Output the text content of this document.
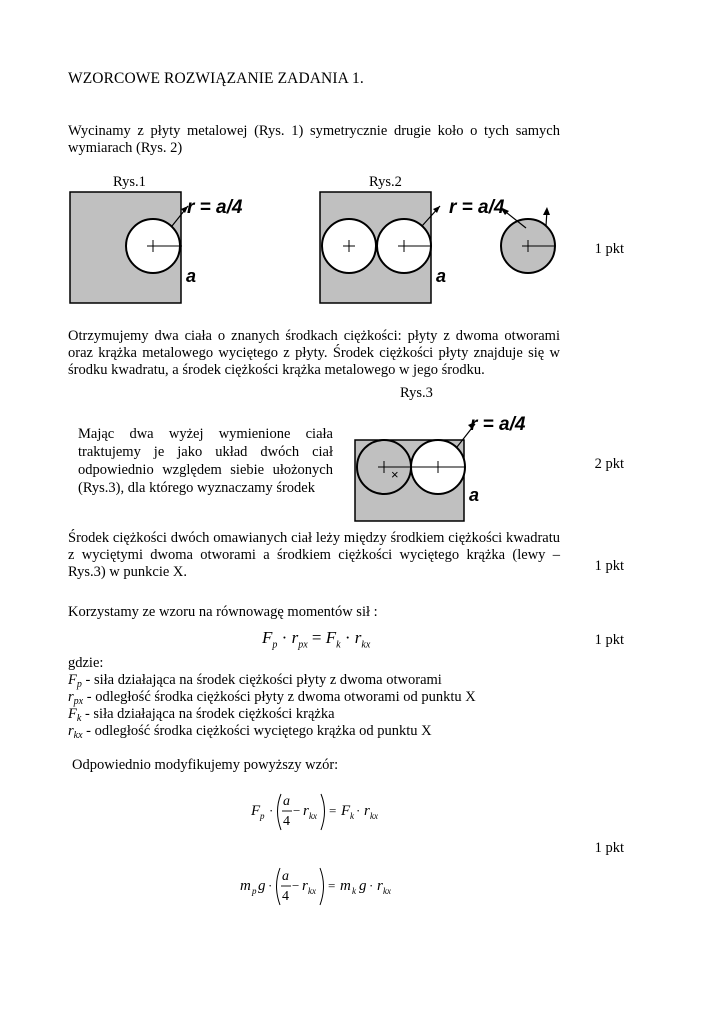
WZORCOWE ROZWIĄZANIE ZADANIA 1.
Wycinamy z płyty metalowej (Rys. 1) symetrycznie drugie koło o tych samych wymiarach (Rys. 2)
Rys.1	Rys.2
r = a/4
a	a
r = a/4
1 pkt
Otrzymujemy dwa ciała o znanych środkach ciężkości: płyty z dwoma otworami oraz krążka metalowego wyciętego z płyty. Środek ciężkości płyty znajduje się w środku kwadratu, a środek ciężkości krążka metalowego w jego środku.
Rys.3
Mając dwa wyżej wymienione ciała traktujemy je jako układ dwóch ciał odpowiednio względem siebie ułożonych (Rys.3), dla którego wyznaczamy środek
×
r = a/4
a
2 pkt
Środek ciężkości dwóch omawianych ciał leży między środkiem ciężkości kwadratu z wyciętymi dwoma otworami a środkiem ciężkości wyciętego krążka (lewy – Rys.3) w punkcie X.	1 pkt
Korzystamy ze wzoru na równowagę momentów sił :
$F_p \cdot r_{px} = F_k \cdot r_{kx}$	1 pkt
gdzie:
$F_p$ - siła działająca na środek ciężkości płyty z dwoma otworami
$r_{px}$ - odległość środka ciężkości płyty z dwoma otworami od punktu X
$F_k$ - siła działająca na środek ciężkości krążka
$r_{kx}$ - odległość środka ciężkości wyciętego krążka od punktu X
Odpowiednio modyfikujemy powyższy wzór:
F p ·
a
4
− r kx = F k · r kx
1 pkt
m p g ·
a
4
− r kx = m k g · r kx
